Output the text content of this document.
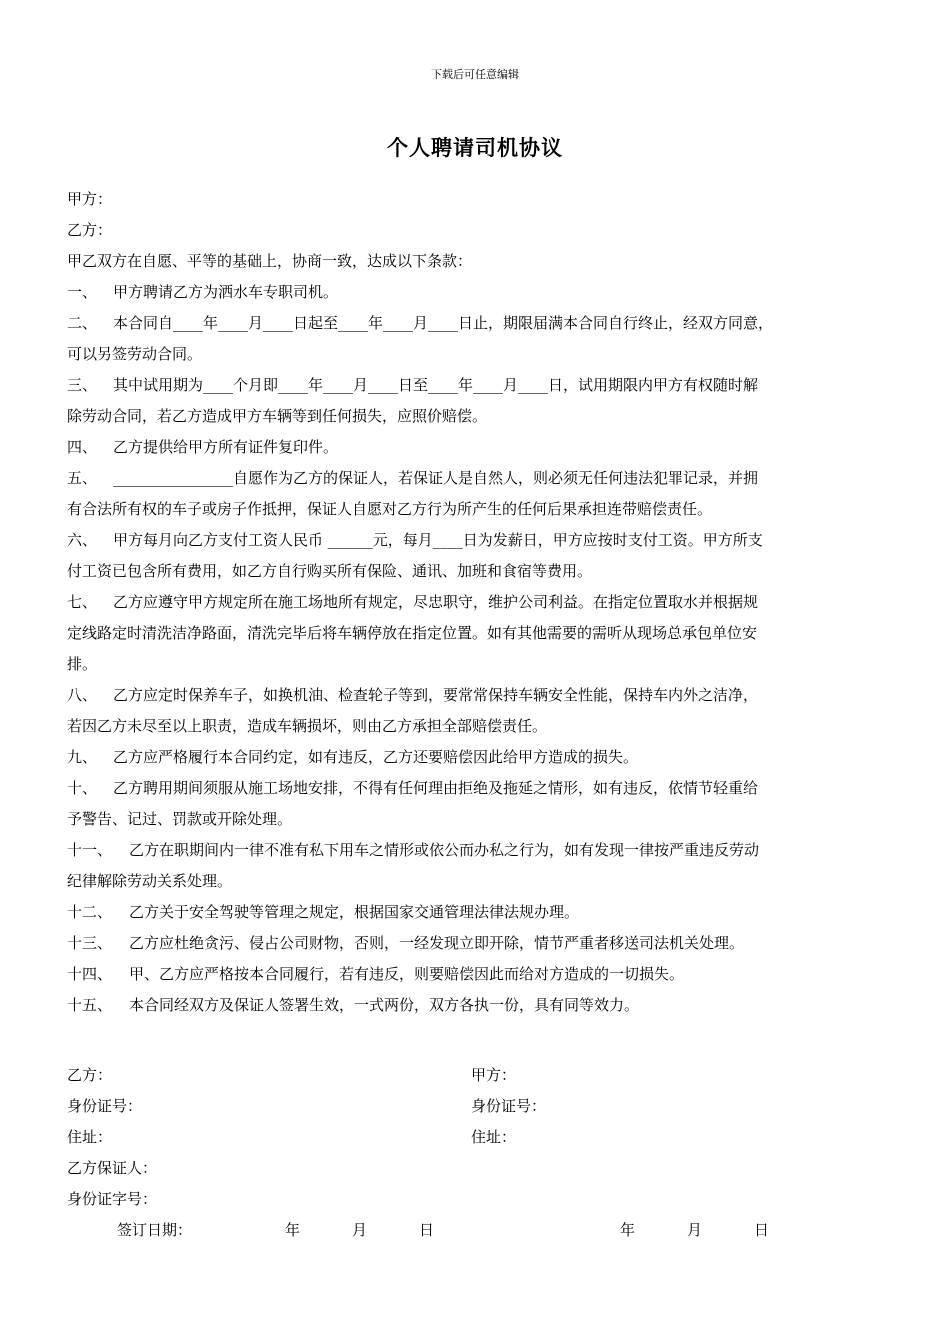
下载后可任意编辑
个人聘请司机协议
甲方：
乙方：
甲乙双方在自愿、平等的基础上，协商一致，达成以下条款：
一、 甲方聘请乙方为洒水车专职司机。
二、 本合同自____年____月____日起至____年____月____日止，期限届满本合同自行终止，经双方同意，
可以另签劳动合同。
三、 其中试用期为____个月即____年____月____日至____年____月____日，试用期限内甲方有权随时解
除劳动合同，若乙方造成甲方车辆等到任何损失，应照价赔偿。
四、 乙方提供给甲方所有证件复印件。
五、 ________________自愿作为乙方的保证人，若保证人是自然人，则必须无任何违法犯罪记录，并拥
有合法所有权的车子或房子作抵押，保证人自愿对乙方行为所产生的任何后果承担连带赔偿责任。
六、 甲方每月向乙方支付工资人民币 ______元，每月____日为发薪日，甲方应按时支付工资。甲方所支
付工资已包含所有费用，如乙方自行购买所有保险、通讯、加班和食宿等费用。
七、 乙方应遵守甲方规定所在施工场地所有规定，尽忠职守，维护公司利益。在指定位置取水并根据规
定线路定时清洗洁净路面，清洗完毕后将车辆停放在指定位置。如有其他需要的需听从现场总承包单位安
排。
八、 乙方应定时保养车子，如换机油、检查轮子等到，要常常保持车辆安全性能，保持车内外之洁净，
若因乙方未尽至以上职责，造成车辆损坏，则由乙方承担全部赔偿责任。
九、 乙方应严格履行本合同约定，如有违反，乙方还要赔偿因此给甲方造成的损失。
十、 乙方聘用期间须服从施工场地安排，不得有任何理由拒绝及拖延之情形，如有违反，依情节轻重给
予警告、记过、罚款或开除处理。
十一、 乙方在职期间内一律不准有私下用车之情形或依公而办私之行为，如有发现一律按严重违反劳动
纪律解除劳动关系处理。
十二、 乙方关于安全驾驶等管理之规定，根据国家交通管理法律法规办理。
十三、 乙方应杜绝贪污、侵占公司财物，否则，一经发现立即开除，情节严重者移送司法机关处理。
十四、 甲、乙方应严格按本合同履行，若有违反，则要赔偿因此而给对方造成的一切损失。
十五、 本合同经双方及保证人签署生效，一式两份，双方各执一份，具有同等效力。
乙方：	甲方：
身份证号：	身份证号：
住址：	住址：
乙方保证人：
身份证字号：
签订日期：	年	月	日	年	月	日
